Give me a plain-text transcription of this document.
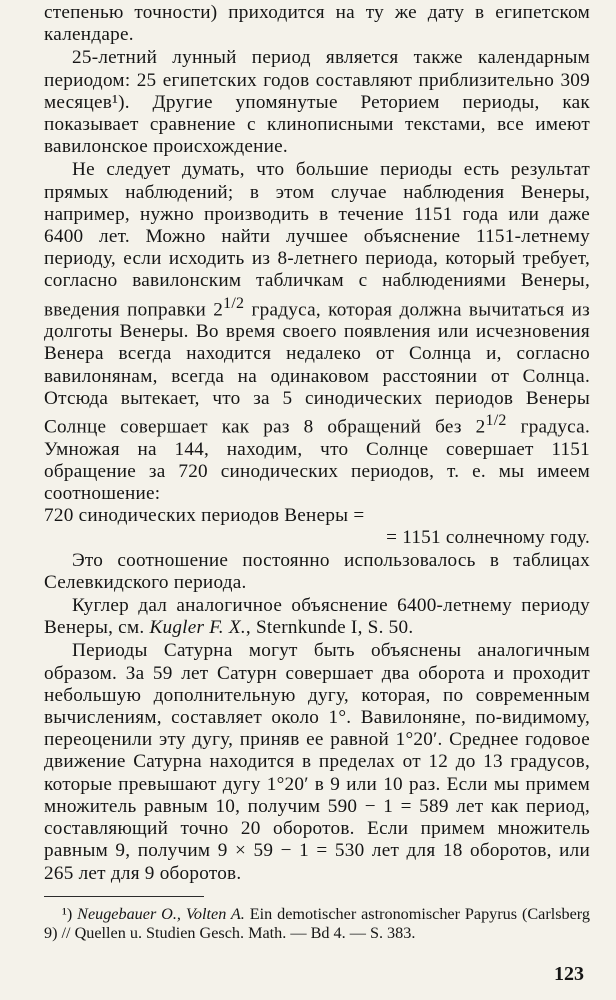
степенью точности) приходится на ту же дату в египетском календаре.

25-летний лунный период является также календарным периодом: 25 египетских годов составляют приблизительно 309 месяцев¹). Другие упомянутые Реторием периоды, как показывает сравнение с клинописными текстами, все имеют вавилонское происхождение.

Не следует думать, что большие периоды есть результат прямых наблюдений; в этом случае наблюдения Венеры, например, нужно производить в течение 1151 года или даже 6400 лет. Можно найти лучшее объяснение 1151-летнему периоду, если исходить из 8-летнего периода, который требует, согласно вавилонским табличкам с наблюдениями Венеры, введения поправки $2^{1/2}$ градуса, которая должна вычитаться из долготы Венеры. Во время своего появления или исчезновения Венера всегда находится недалеко от Солнца и, согласно вавилонянам, всегда на одинаковом расстоянии от Солнца. Отсюда вытекает, что за 5 синодических периодов Венеры Солнце совершает как раз 8 обращений без $2^{1/2}$ градуса. Умножая на 144, находим, что Солнце совершает 1151 обращение за 720 синодических периодов, т. е. мы имеем соотношение:

720 синодических периодов Венеры =

= 1151 солнечному году.

Это соотношение постоянно использовалось в таблицах Селевкидского периода.

Куглер дал аналогичное объяснение 6400-летнему периоду Венеры, см. Kugler F. X., Sternkunde I, S. 50.

Периоды Сатурна могут быть объяснены аналогичным образом. За 59 лет Сатурн совершает два оборота и проходит небольшую дополнительную дугу, которая, по современным вычислениям, составляет около 1°. Вавилоняне, по-видимому, переоценили эту дугу, приняв ее равной 1°20′. Среднее годовое движение Сатурна находится в пределах от 12 до 13 градусов, которые превышают дугу 1°20′ в 9 или 10 раз. Если мы примем множитель равным 10, получим 590 − 1 = 589 лет как период, составляющий точно 20 оборотов. Если примем множитель равным 9, получим 9 × 59 − 1 = 530 лет для 18 оборотов, или 265 лет для 9 оборотов.

¹) Neugebauer O., Volten A. Ein demotischer astronomischer Papyrus (Carlsberg 9) // Quellen u. Studien Gesch. Math. — Bd 4. — S. 383.

123
